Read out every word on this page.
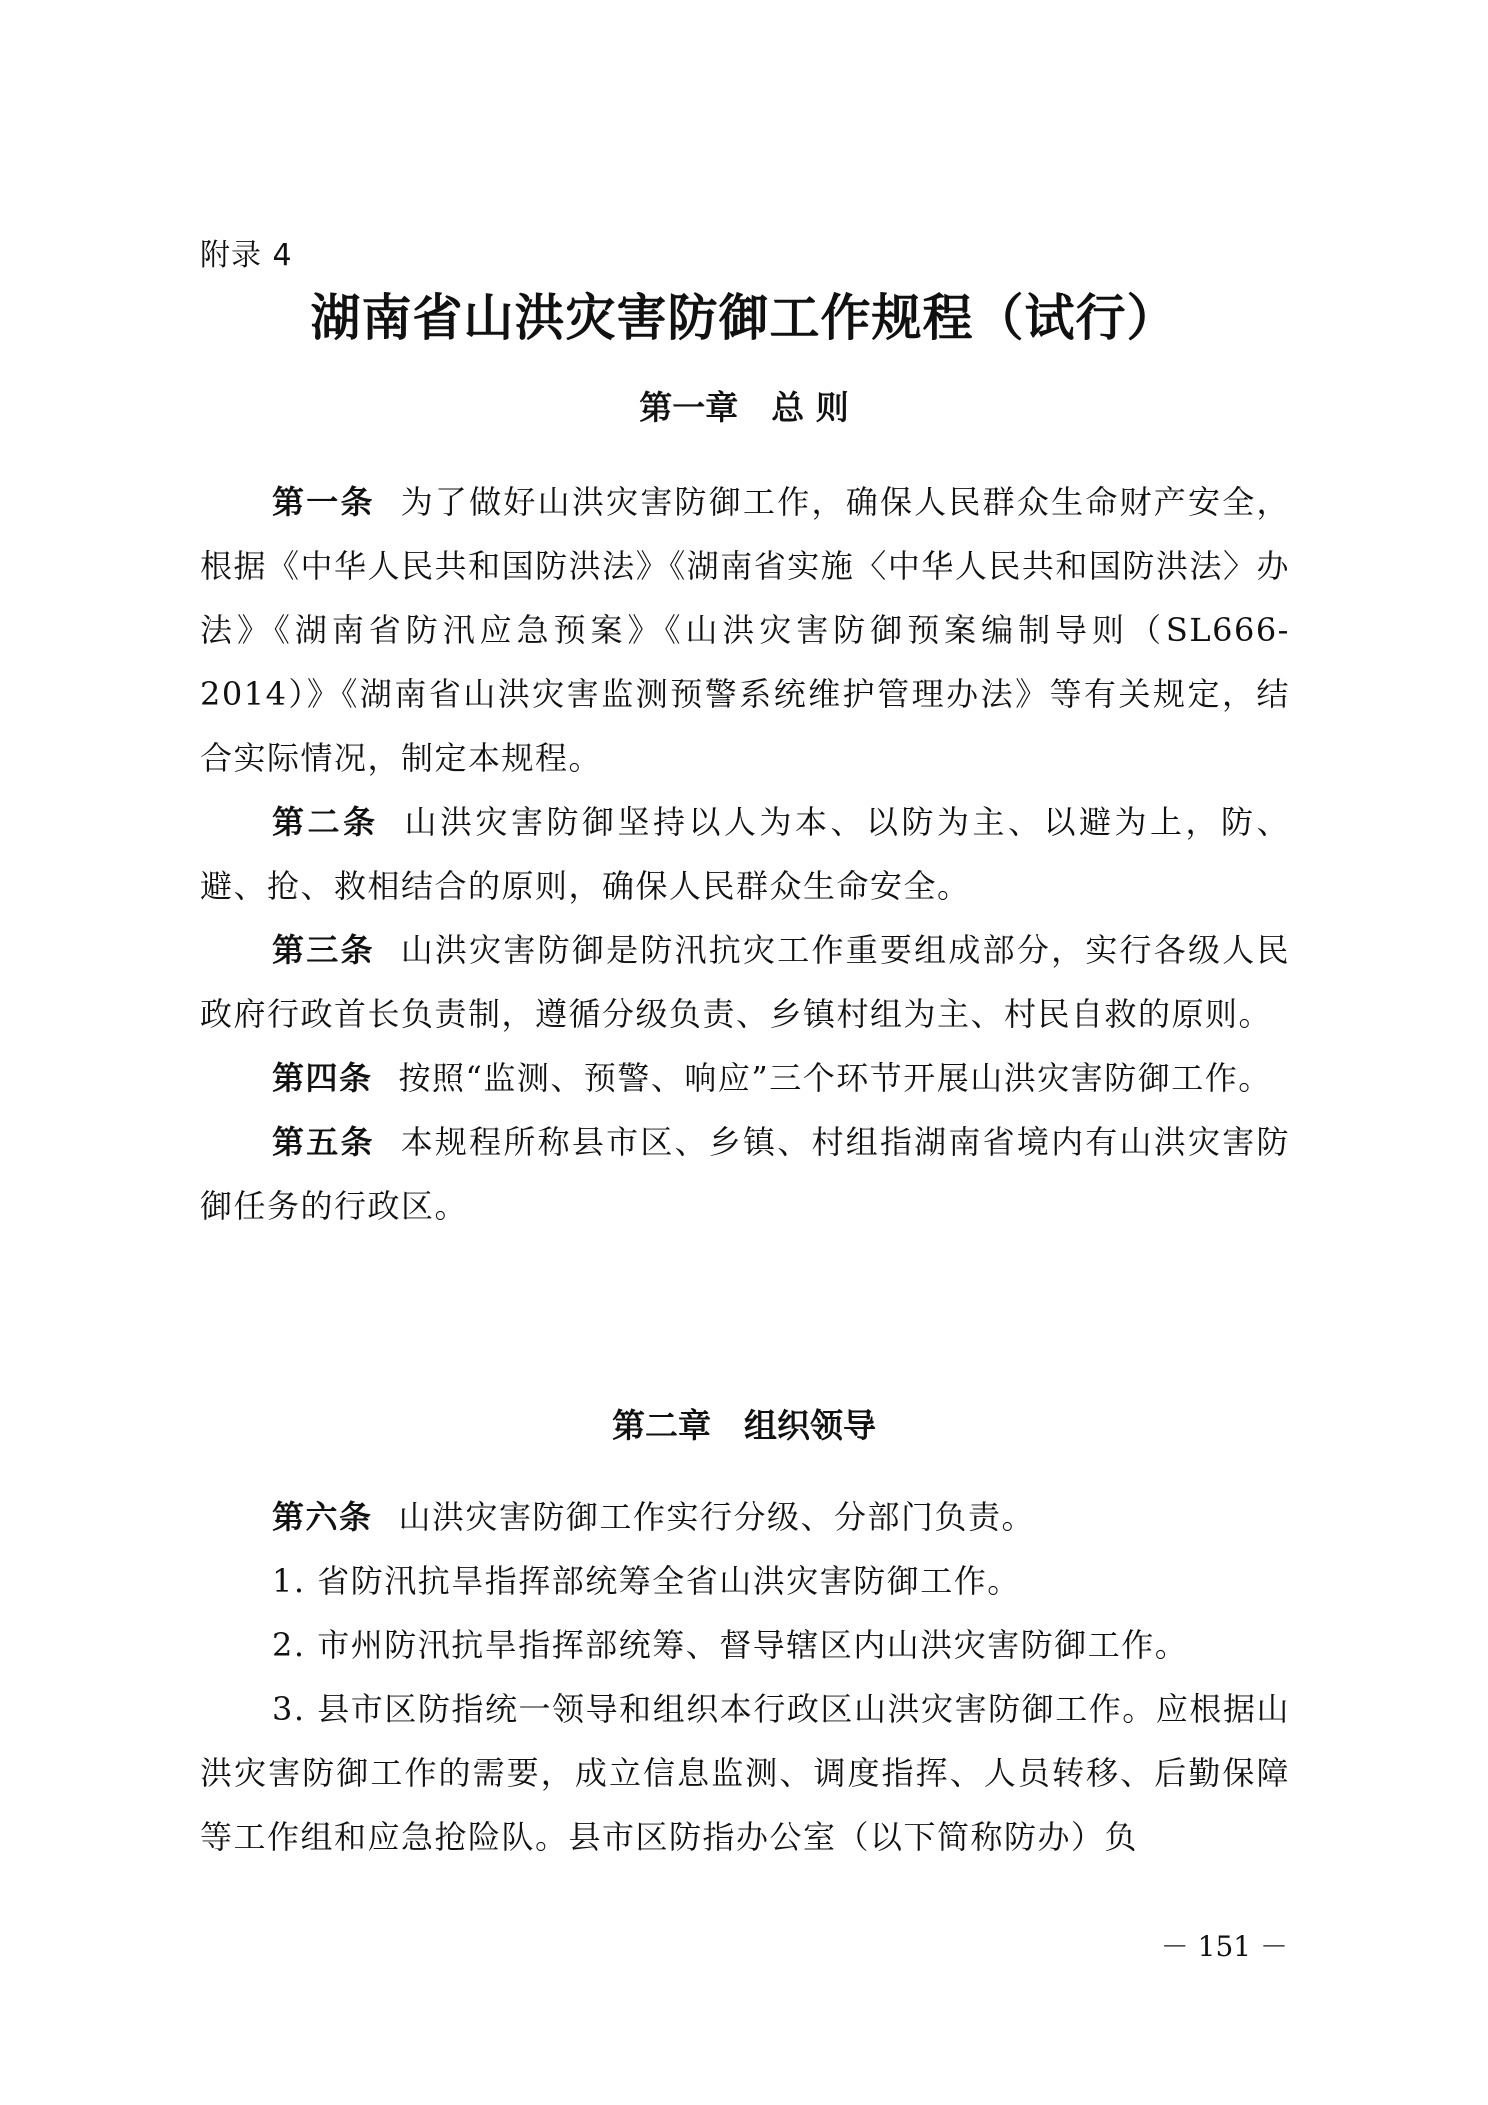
附录 4
湖南省山洪灾害防御工作规程（试行）
第一章　总 则

第一条 为了做好山洪灾害防御工作，确保人民群众生命财产安全，根据《中华人民共和国防洪法》《湖南省实施〈中华人民共和国防洪法〉办法》《湖南省防汛应急预案》《山洪灾害防御预案编制导则（SL666-2014）》《湖南省山洪灾害监测预警系统维护管理办法》等有关规定，结合实际情况，制定本规程。

第二条 山洪灾害防御坚持以人为本、以防为主、以避为上，防、避、抢、救相结合的原则，确保人民群众生命安全。

第三条 山洪灾害防御是防汛抗灾工作重要组成部分，实行各级人民政府行政首长负责制，遵循分级负责、乡镇村组为主、村民自救的原则。

第四条 按照“监测、预警、响应”三个环节开展山洪灾害防御工作。

第五条 本规程所称县市区、乡镇、村组指湖南省境内有山洪灾害防御任务的行政区。

第二章　组织领导

第六条 山洪灾害防御工作实行分级、分部门负责。

1. 省防汛抗旱指挥部统筹全省山洪灾害防御工作。

2. 市州防汛抗旱指挥部统筹、督导辖区内山洪灾害防御工作。

3. 县市区防指统一领导和组织本行政区山洪灾害防御工作。应根据山洪灾害防御工作的需要，成立信息监测、调度指挥、人员转移、后勤保障等工作组和应急抢险队。县市区防指办公室（以下简称防办）负

－ 151 －
